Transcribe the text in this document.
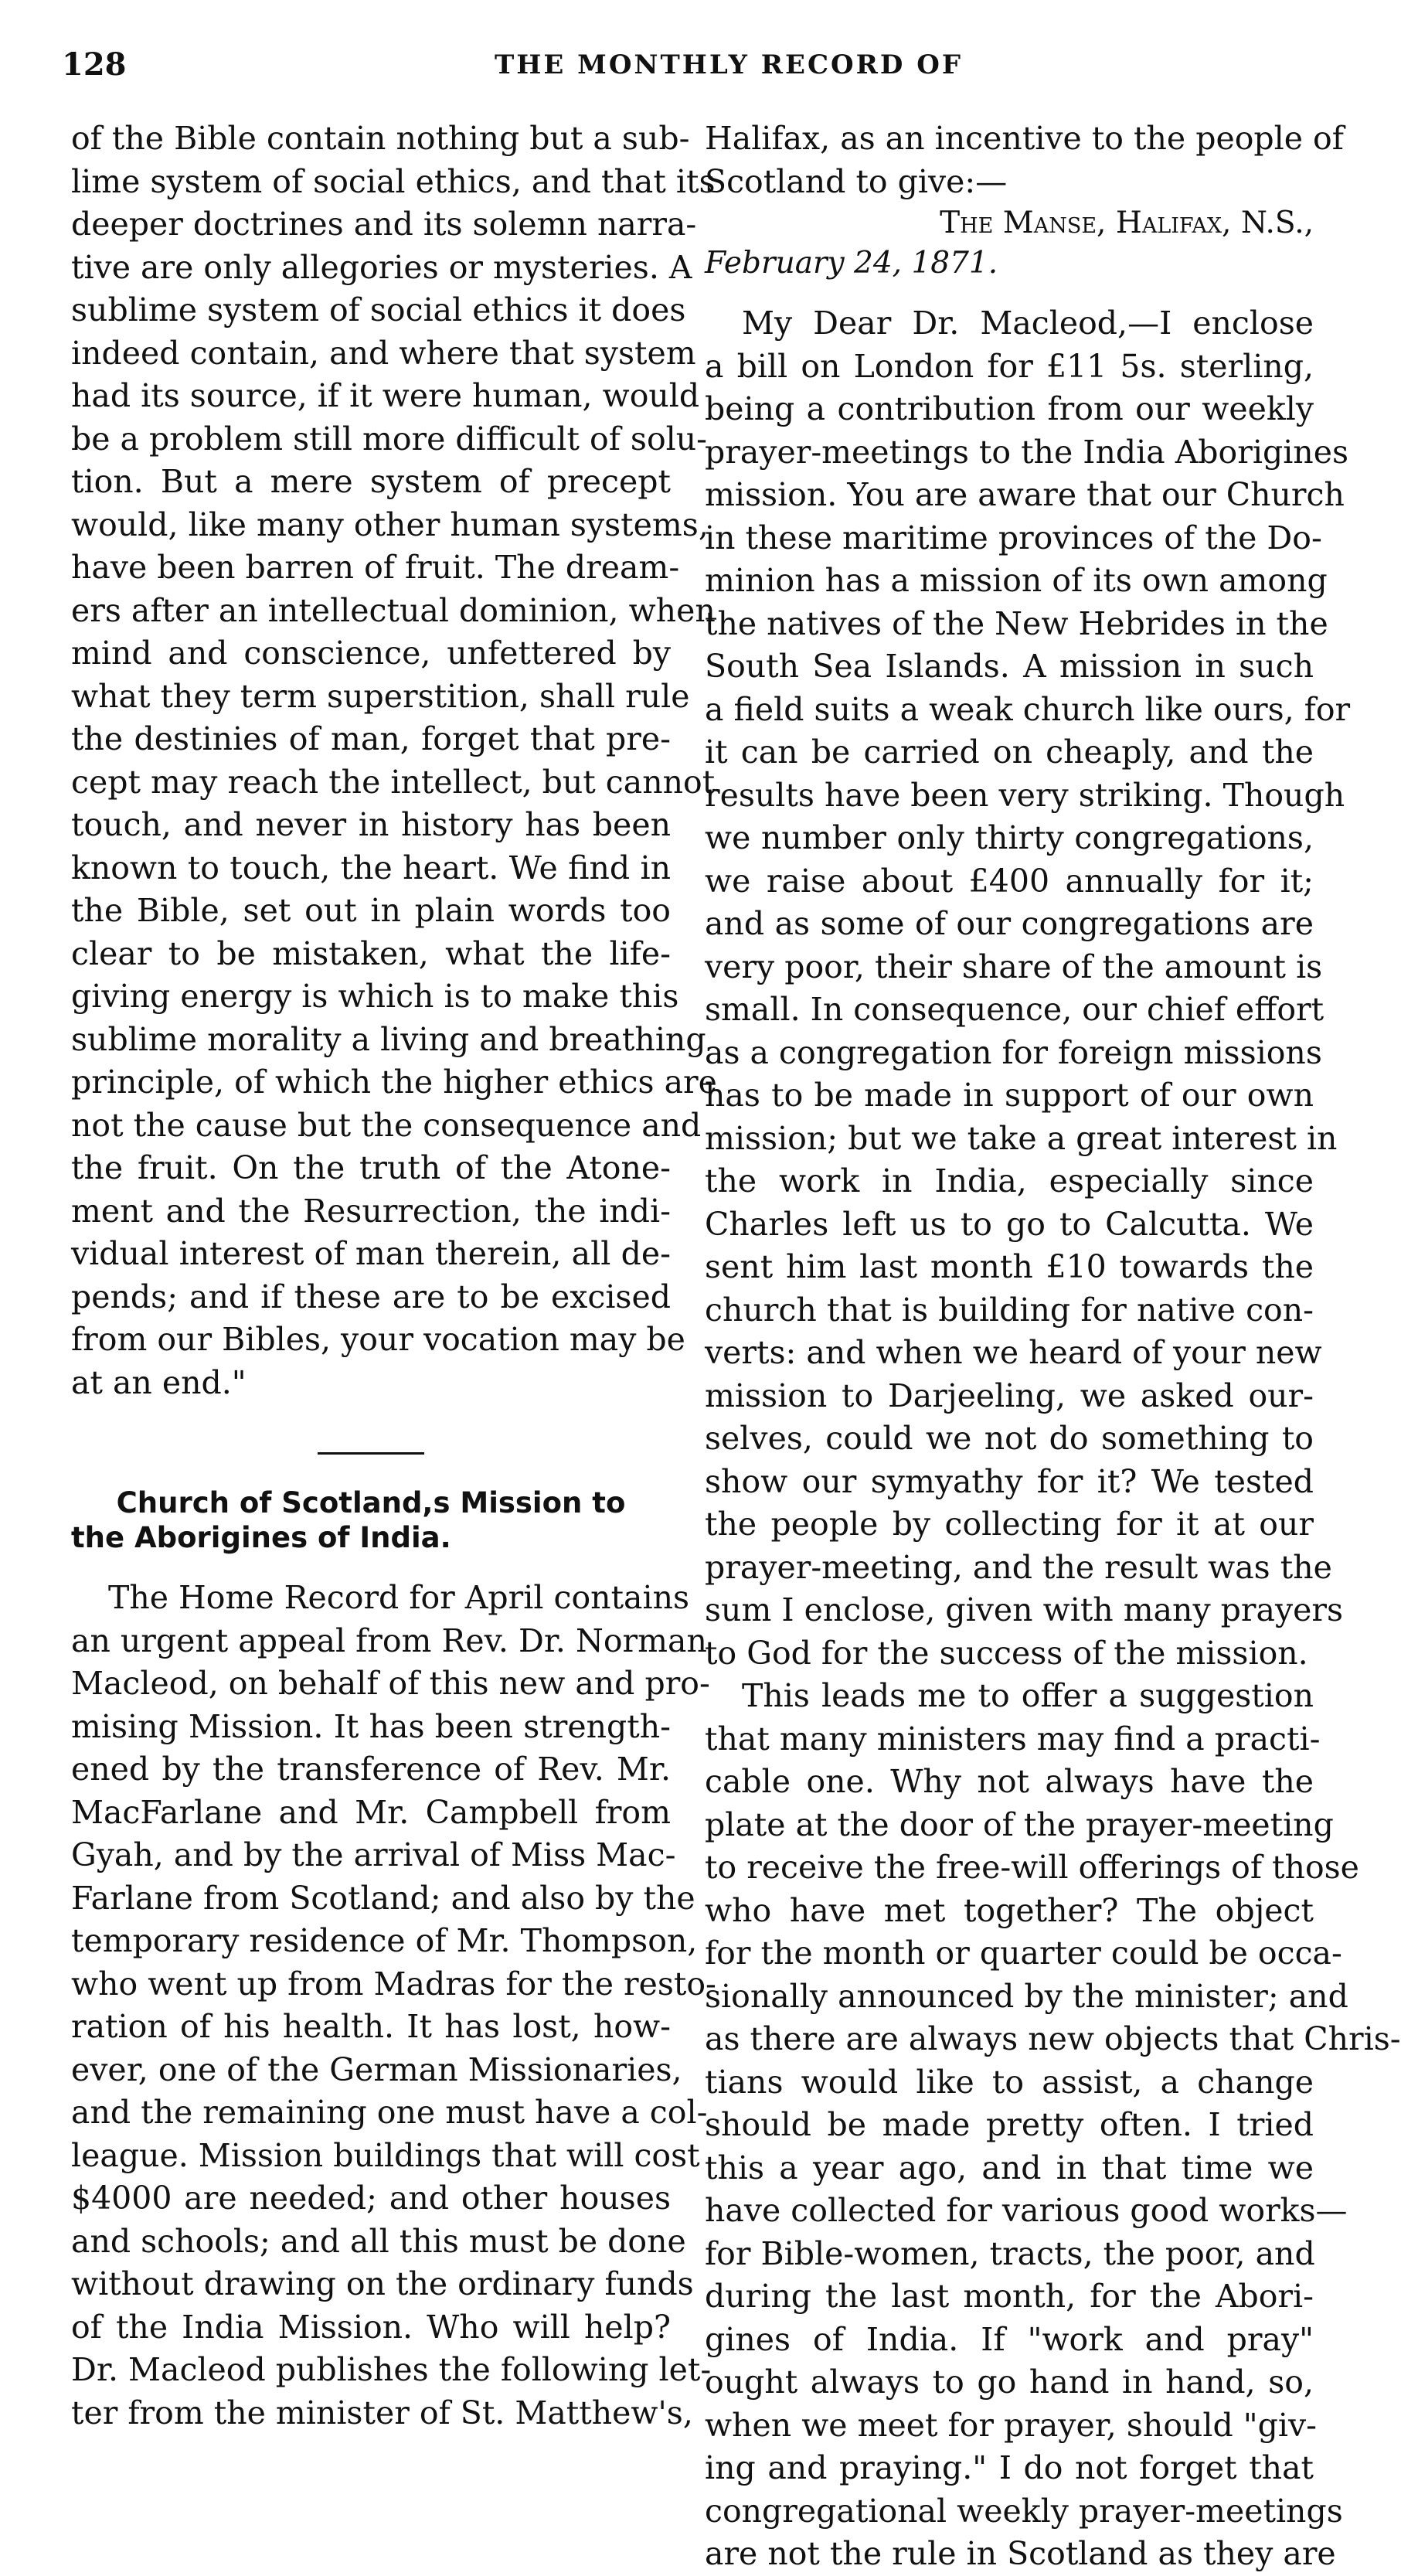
128	THE MONTHLY RECORD OF

of the Bible contain nothing but a sub-
lime system of social ethics, and that its
deeper doctrines and its solemn narra-
tive are only allegories or mysteries. A
sublime system of social ethics it does
indeed contain, and where that system
had its source, if it were human, would
be a problem still more difficult of solu-
tion. But a mere system of precept
would, like many other human systems,
have been barren of fruit. The dream-
ers after an intellectual dominion, when
mind and conscience, unfettered by
what they term superstition, shall rule
the destinies of man, forget that pre-
cept may reach the intellect, but cannot
touch, and never in history has been
known to touch, the heart. We find in
the Bible, set out in plain words too
clear to be mistaken, what the life-
giving energy is which is to make this
sublime morality a living and breathing
principle, of which the higher ethics are
not the cause but the consequence and
the fruit. On the truth of the Atone-
ment and the Resurrection, the indi-
vidual interest of man therein, all de-
pends; and if these are to be excised
from our Bibles, your vocation may be
at an end."

Church of Scotland,s Mission to
the Aborigines of India.

The Home Record for April contains
an urgent appeal from Rev. Dr. Norman
Macleod, on behalf of this new and pro-
mising Mission. It has been strength-
ened by the transference of Rev. Mr.
MacFarlane and Mr. Campbell from
Gyah, and by the arrival of Miss Mac-
Farlane from Scotland; and also by the
temporary residence of Mr. Thompson,
who went up from Madras for the resto-
ration of his health. It has lost, how-
ever, one of the German Missionaries,
and the remaining one must have a col-
league. Mission buildings that will cost
$4000 are needed; and other houses
and schools; and all this must be done
without drawing on the ordinary funds
of the India Mission. Who will help?
Dr. Macleod publishes the following let-
ter from the minister of St. Matthew's,

Halifax, as an incentive to the people of
Scotland to give:—

The Manse, Halifax, N.S.,
February 24, 1871.

My Dear Dr. Macleod,—I enclose
a bill on London for £11 5s. sterling,
being a contribution from our weekly
prayer-meetings to the India Aborigines
mission. You are aware that our Church
in these maritime provinces of the Do-
minion has a mission of its own among
the natives of the New Hebrides in the
South Sea Islands. A mission in such
a field suits a weak church like ours, for
it can be carried on cheaply, and the
results have been very striking. Though
we number only thirty congregations,
we raise about £400 annually for it;
and as some of our congregations are
very poor, their share of the amount is
small. In consequence, our chief effort
as a congregation for foreign missions
has to be made in support of our own
mission; but we take a great interest in
the work in India, especially since
Charles left us to go to Calcutta. We
sent him last month £10 towards the
church that is building for native con-
verts: and when we heard of your new
mission to Darjeeling, we asked our-
selves, could we not do something to
show our symyathy for it? We tested
the people by collecting for it at our
prayer-meeting, and the result was the
sum I enclose, given with many prayers
to God for the success of the mission.

This leads me to offer a suggestion
that many ministers may find a practi-
cable one. Why not always have the
plate at the door of the prayer-meeting
to receive the free-will offerings of those
who have met together? The object
for the month or quarter could be occa-
sionally announced by the minister; and
as there are always new objects that Chris-
tians would like to assist, a change
should be made pretty often. I tried
this a year ago, and in that time we
have collected for various good works—
for Bible-women, tracts, the poor, and
during the last month, for the Abori-
gines of India. If "work and pray"
ought always to go hand in hand, so,
when we meet for prayer, should "giv-
ing and praying." I do not forget that
congregational weekly prayer-meetings
are not the rule in Scotland as they are
